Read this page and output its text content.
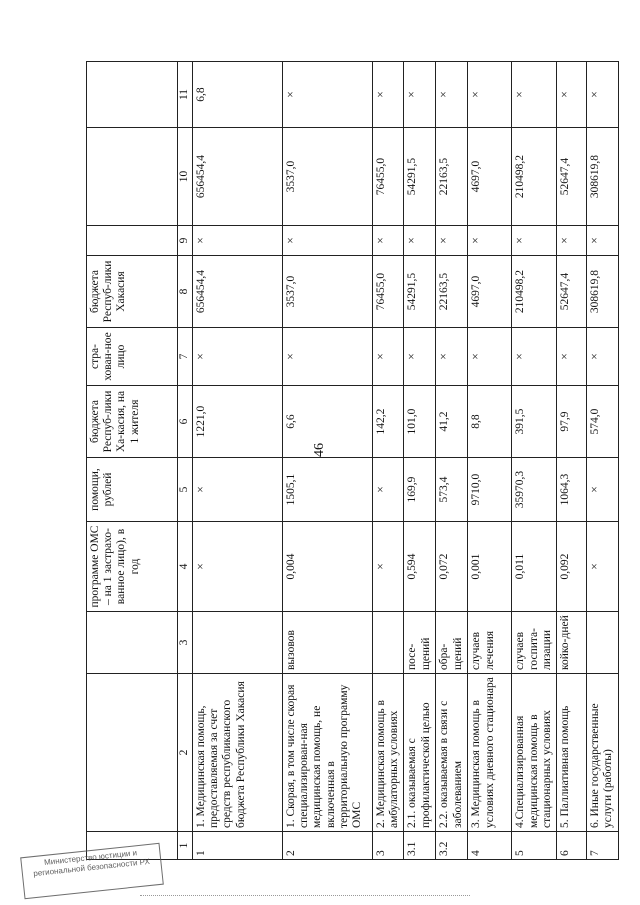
46
			программе ОМС – на 1 застрахо-ванное лицо), в год	помощи, рублей	бюджета Респуб-лики Ха-касия, на 1 жителя	стра-хован-ное лицо	бюджета Респуб-лики Хакасия			
1	2	3	4	5	6	7	8	9	10	11
1	1. Медицинская помощь, предоставляемая за счет средств республиканского бюджета Республики Хакасия		×	×	1221,0	×	656454,4	×	656454,4	6,8
2	1. Скорая, в том числе скорая специализирован-ная медицинская помощь, не включенная в территориальную программу ОМС	вызовов	0,004	1505,1	6,6	×	3537,0	×	3537,0	×
3	2. Медицинская помощь в амбулаторных условиях		×	×	142,2	×	76455,0	×	76455,0	×
3.1	2.1. оказываемая с профилактической целью	посе-щений	0,594	169,9	101,0	×	54291,5	×	54291,5	×
3.2	2.2. оказываемая в связи с заболеванием	обра-щений	0,072	573,4	41,2	×	22163,5	×	22163,5	×
4	3. Медицинская помощь в условиях дневного стационара	случаев лечения	0,001	9710,0	8,8	×	4697,0	×	4697,0	×
5	4.Специализированная медицинская помощь в стационарных условиях	случаев госпита-лизации	0,011	35970,3	391,5	×	210498,2	×	210498,2	×
6	5. Паллиативная помощь	койко-дней	0,092	1064,3	97,9	×	52647,4	×	52647,4	×
7	6. Иные государственные услуги (работы)		×	×	574,0	×	308619,8	×	308619,8	×
Министерство юстиции и региональной безопасности РХ
